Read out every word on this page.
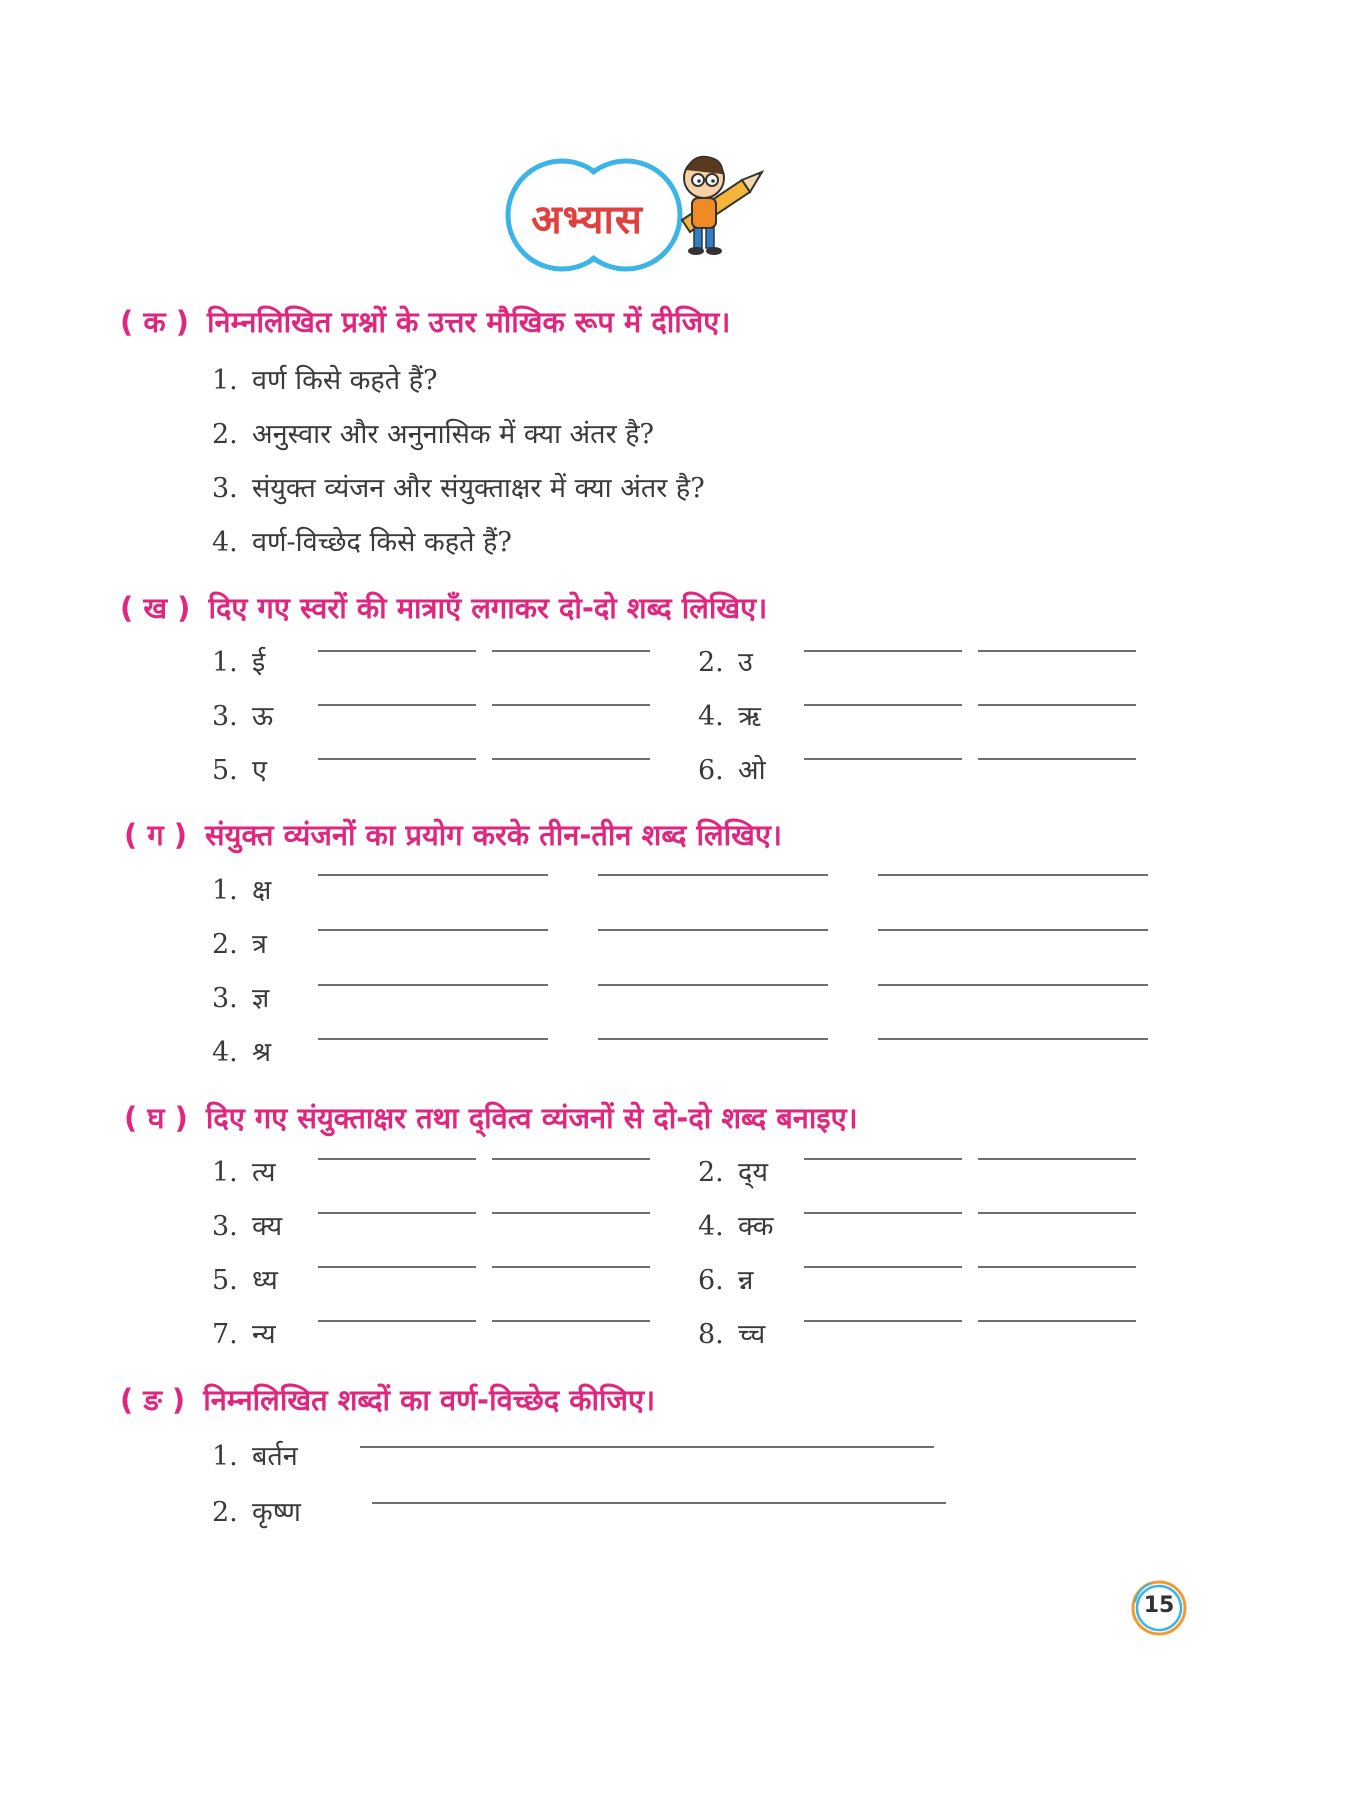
अभ्यास
( क ) निम्नलिखित प्रश्नों के उत्तर मौखिक रूप में दीजिए।
1. वर्ण किसे कहते हैं?
2. अनुस्वार और अनुनासिक में क्या अंतर है?
3. संयुक्त व्यंजन और संयुक्ताक्षर में क्या अंतर है?
4. वर्ण-विच्छेद किसे कहते हैं?
( ख ) दिए गए स्वरों की मात्राएँ लगाकर दो-दो शब्द लिखिए।
1. ई	2. उ
3. ऊ	4. ऋ
5. ए	6. ओ
( ग ) संयुक्त व्यंजनों का प्रयोग करके तीन-तीन शब्द लिखिए।
1. क्ष
2. त्र
3. ज्ञ
4. श्र
( घ ) दिए गए संयुक्ताक्षर तथा द्‌वित्व व्यंजनों से दो-दो शब्द बनाइए।
1. त्य	2. द्‌य
3. क्य	4. क्क
5. ध्य	6. न्न
7. न्य	8. च्च
( ङ ) निम्नलिखित शब्दों का वर्ण-विच्छेद कीजिए।
1. बर्तन
2. कृष्ण
15
